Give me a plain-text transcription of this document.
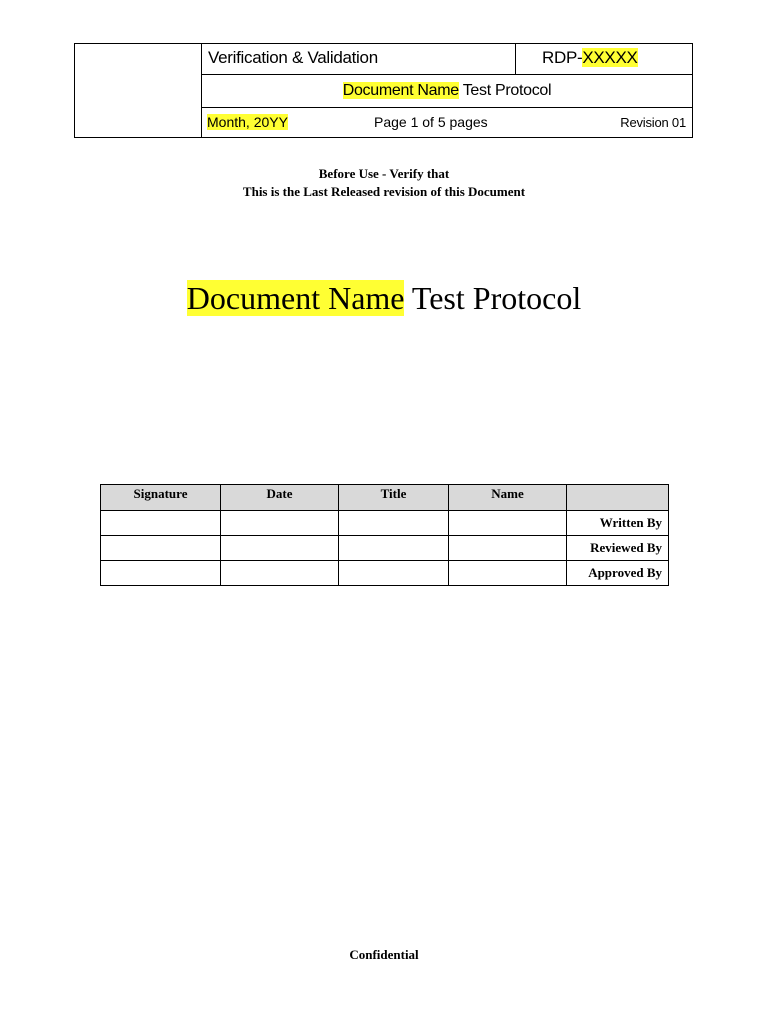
Verification & Validation	RDP-XXXXX
Document Name Test Protocol
Month, 20YY	Page 1 of 5 pages	Revision 01
Before Use - Verify that
This is the Last Released revision of this Document
Document Name Test Protocol
Signature	Date	Title	Name	
				Written By
				Reviewed By
				Approved By
Confidential
